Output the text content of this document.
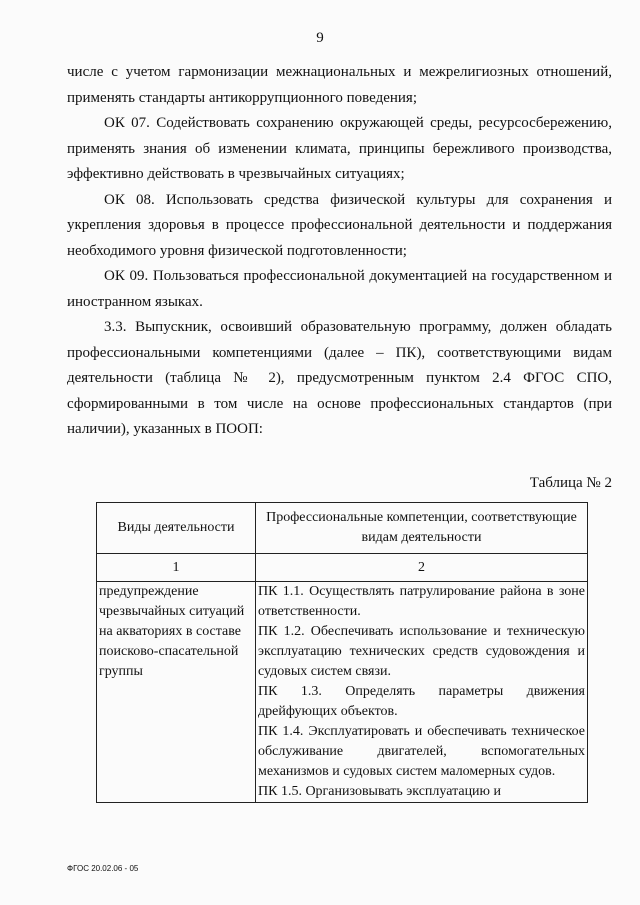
9

числе с учетом гармонизации межнациональных и межрелигиозных отношений, применять стандарты антикоррупционного поведения;

ОК 07. Содействовать сохранению окружающей среды, ресурсосбережению, применять знания об изменении климата, принципы бережливого производства, эффективно действовать в чрезвычайных ситуациях;

ОК 08. Использовать средства физической культуры для сохранения и укрепления здоровья в процессе профессиональной деятельности и поддержания необходимого уровня физической подготовленности;

ОК 09. Пользоваться профессиональной документацией на государственном и иностранном языках.

3.3. Выпускник, освоивший образовательную программу, должен обладать профессиональными компетенциями (далее – ПК), соответствующими видам деятельности (таблица № 2), предусмотренным пунктом 2.4 ФГОС СПО, сформированными в том числе на основе профессиональных стандартов (при наличии), указанных в ПООП:

Таблица № 2
Виды деятельности	Профессиональные компетенции, соответствующие видам деятельности
1	2
предупреждение чрезвычайных ситуаций на акваториях в составе поисково-спасательной группы	ПК 1.1. Осуществлять патрулирование района в зоне ответственности.
ПК 1.2. Обеспечивать использование и техническую эксплуатацию технических средств судовождения и судовых систем связи.
ПК 1.3. Определять параметры движения дрейфующих объектов.
ПК 1.4. Эксплуатировать и обеспечивать техническое обслуживание двигателей, вспомогательных механизмов и судовых систем маломерных судов.
ПК 1.5. Организовывать эксплуатацию и
ФГОС 20.02.06 - 05
